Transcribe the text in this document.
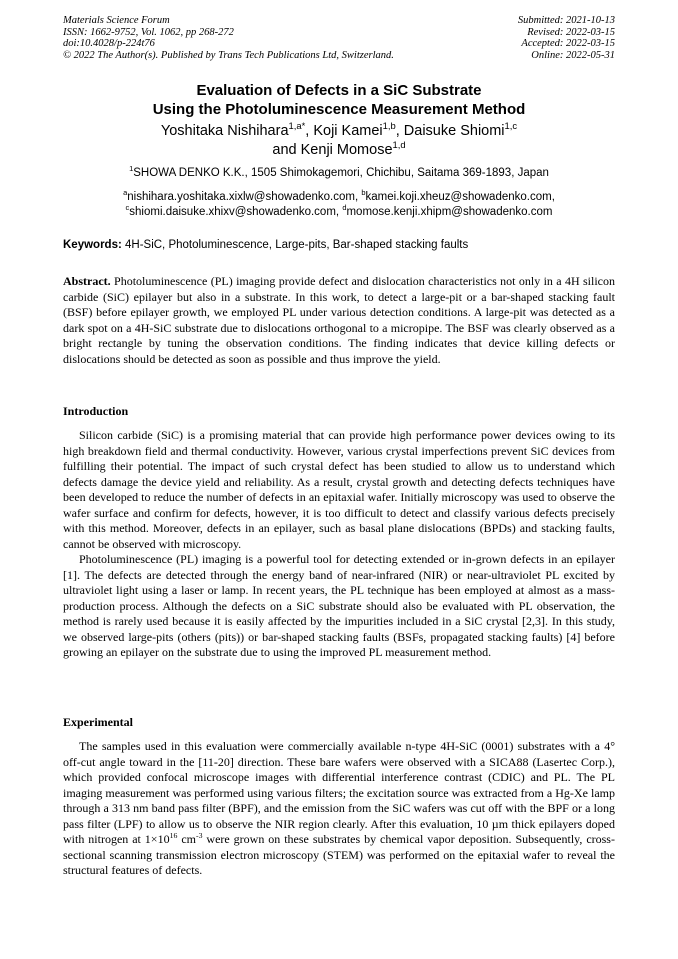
Materials Science Forum
ISSN: 1662-9752, Vol. 1062, pp 268-272
doi:10.4028/p-224t76
© 2022 The Author(s). Published by Trans Tech Publications Ltd, Switzerland.
Submitted: 2021-10-13
Revised: 2022-03-15
Accepted: 2022-03-15
Online: 2022-05-31
Evaluation of Defects in a SiC Substrate
Using the Photoluminescence Measurement Method
Yoshitaka Nishihara$^{1,a*}$, Koji Kamei$^{1,b}$, Daisuke Shiomi$^{1,c}$
and Kenji Momose$^{1,d}$
$^1$SHOWA DENKO K.K., 1505 Shimokagemori, Chichibu, Saitama 369-1893, Japan
$^a$nishihara.yoshitaka.xixlw@showadenko.com, $^b$kamei.koji.xheuz@showadenko.com,
$^c$shiomi.daisuke.xhixv@showadenko.com, $^d$momose.kenji.xhipm@showadenko.com
Keywords: 4H-SiC, Photoluminescence, Large-pits, Bar-shaped stacking faults
Abstract. Photoluminescence (PL) imaging provide defect and dislocation characteristics not only in a 4H silicon carbide (SiC) epilayer but also in a substrate. In this work, to detect a large-pit or a bar-shaped stacking fault (BSF) before epilayer growth, we employed PL under various detection conditions. A large-pit was detected as a dark spot on a 4H-SiC substrate due to dislocations orthogonal to a micropipe. The BSF was clearly observed as a bright rectangle by tuning the observation conditions. The finding indicates that device killing defects or dislocations should be detected as soon as possible and thus improve the yield.
Introduction

Silicon carbide (SiC) is a promising material that can provide high performance power devices owing to its high breakdown field and thermal conductivity. However, various crystal imperfections prevent SiC devices from fulfilling their potential. The impact of such crystal defect has been studied to allow us to understand which defects damage the device yield and reliability. As a result, crystal growth and detecting defects techniques have been developed to reduce the number of defects in an epitaxial wafer. Initially microscopy was used to observe the wafer surface and confirm for defects, however, it is too difficult to detect and classify various defects precisely with this method. Moreover, defects in an epilayer, such as basal plane dislocations (BPDs) and stacking faults, cannot be observed with microscopy.

Photoluminescence (PL) imaging is a powerful tool for detecting extended or in-grown defects in an epilayer [1]. The defects are detected through the energy band of near-infrared (NIR) or near-ultraviolet PL excited by ultraviolet light using a laser or lamp. In recent years, the PL technique has been employed at almost as a mass-production process. Although the defects on a SiC substrate should also be evaluated with PL observation, the method is rarely used because it is easily affected by the impurities included in a SiC crystal [2,3]. In this study, we observed large-pits (others (pits)) or bar-shaped stacking faults (BSFs, propagated stacking faults) [4] before growing an epilayer on the substrate due to using the improved PL measurement method.

Experimental

The samples used in this evaluation were commercially available n-type 4H-SiC (0001) substrates with a 4° off-cut angle toward in the [11-20] direction. These bare wafers were observed with a SICA88 (Lasertec Corp.), which provided confocal microscope images with differential interference contrast (CDIC) and PL. The PL imaging measurement was performed using various filters; the excitation source was extracted from a Hg-Xe lamp through a 313 nm band pass filter (BPF), and the emission from the SiC wafers was cut off with the BPF or a long pass filter (LPF) to allow us to observe the NIR region clearly. After this evaluation, 10 µm thick epilayers doped with nitrogen at $1\times 10^{16}$ $cm^{-3}$ were grown on these substrates by chemical vapor deposition. Subsequently, cross-sectional scanning transmission electron microscopy (STEM) was performed on the epitaxial wafer to reveal the structural features of defects.
